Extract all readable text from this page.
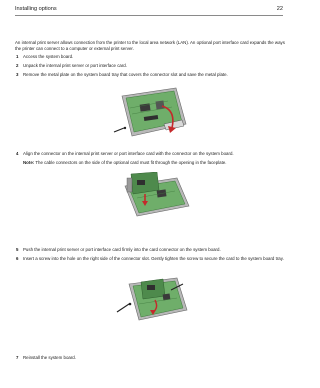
Installing options	22
An internal print server allows connection from the printer to the local area network (LAN). An optional port interface card expands the ways the printer can connect to a computer or external print server.
1 Access the system board.
2 Unpack the internal print server or port interface card.
3 Remove the metal plate on the system board tray that covers the connector slot and save the metal plate.
4 Align the connector on the internal print server or port interface card with the connector on the system board.
Note: The cable connectors on the side of the optional card must fit through the opening in the faceplate.
5 Push the internal print server or port interface card firmly into the card connector on the system board.
6 Insert a screw into the hole on the right side of the connector slot. Gently tighten the screw to secure the card to the system board tray.
7 Reinstall the system board.
